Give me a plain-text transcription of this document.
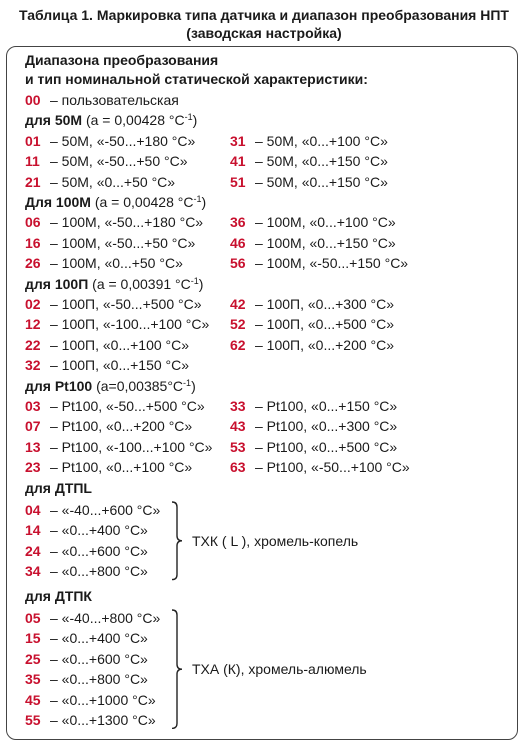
Таблица 1. Маркировка типа датчика и диапазон преобразования НПТ
(заводская настройка)
Диапазона преобразования
и тип номинальной статической характеристики:
00 – пользовательская
для 50М (a = 0,00428 $^\circ С^{-1}$)
01 – 50М, «-50...+180 °С» 31 – 50М, «0...+100 °С»
11 – 50М, «-50...+50 °С»	41 – 50М, «0...+150 °С»
21 – 50М, «0...+50 °С»	51 – 50М, «0...+150 °С»
Для 100М (a = 0,00428 $^\circ С^{-1}$)
06 – 100М, «-50...+180 °С» 36 – 100М, «0...+100 °С»
16 – 100М, «-50...+50 °С» 46 – 100М, «0...+150 °С»
26 – 100М, «0...+50 °С»	56 – 100М, «-50...+150 °С»
для 100П (a = 0,00391 $^\circ С^{-1}$)
02 – 100П, «-50...+500 °С» 42 – 100П, «0...+300 °С»
12 – 100П, «-100...+100 °С» 52 – 100П, «0...+500 °С»
22 – 100П, «0...+100 °С»	62 – 100П, «0...+200 °С»
32 – 100П, «0...+150 °С»
для Pt100 $(a=0,00385^\circ С^{-1})$
03 – Pt100, «-50...+500 °С» 33 – Pt100, «0...+150 °С»
07 – Pt100, «0...+200 °С»	43 – Pt100, «0...+300 °С»
13 – Pt100, «-100...+100 °С» 53 – Pt100, «0...+500 °С»
23 – Pt100, «0...+100 °С»	63 – Pt100, «-50...+100 °С»
для ДТПL
04 – «-40...+600 °С»
14 – «0...+400 °С»
24 – «0...+600 °С»
34 – «0...+800 °С»
ТХК ( L ), хромель-копель
для ДТПК
05 – «-40...+800 °С»
15 – «0...+400 °С»
25 – «0...+600 °С»
35 – «0...+800 °С»
45 – «0...+1000 °С»
55 – «0...+1300 °С»
ТХА (К), хромель-алюмель
